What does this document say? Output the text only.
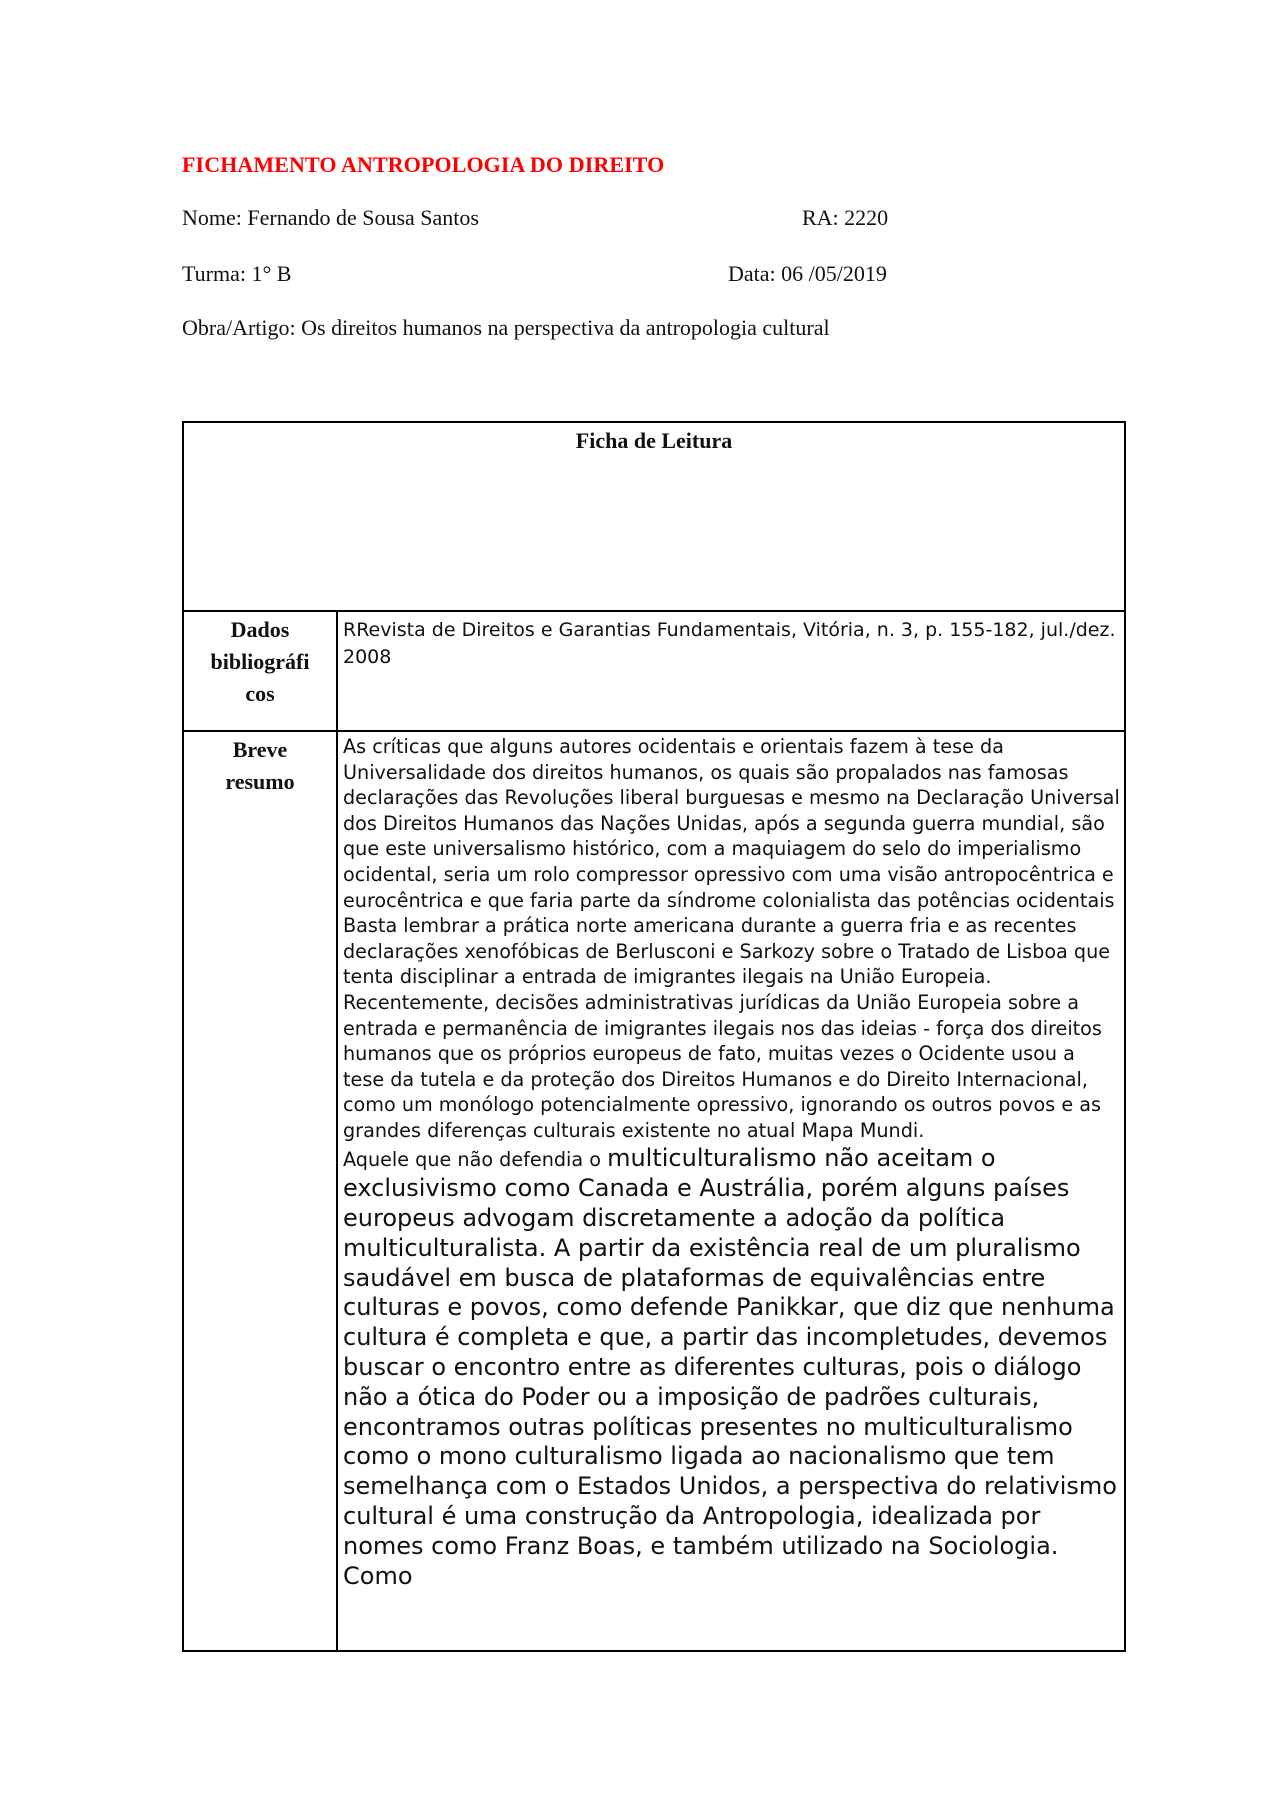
FICHAMENTO ANTROPOLOGIA DO DIREITO
Nome: Fernando de Sousa Santos	RA: 2220
Turma: 1° B	Data: 06 /05/2019
Obra/Artigo: Os direitos humanos na perspectiva da antropologia cultural
Ficha de Leitura
Dados
bibliográfi
cos
RRevista de Direitos e Garantias Fundamentais, Vitória, n. 3, p. 155-182, jul./dez. 2008
Breve
resumo

As críticas que alguns autores ocidentais e orientais fazem à tese da Universalidade dos direitos humanos, os quais são propalados nas famosas declarações das Revoluções liberal burguesas e mesmo na Declaração Universal dos Direitos Humanos das Nações Unidas, após a segunda guerra mundial, são que este universalismo histórico, com a maquiagem do selo do imperialismo ocidental, seria um rolo compressor opressivo com uma visão antropocêntrica e eurocêntrica e que faria parte da síndrome colonialista das potências ocidentais Basta lembrar a prática norte americana durante a guerra fria e as recentes declarações xenofóbicas de Berlusconi e Sarkozy sobre o Tratado de Lisboa que tenta disciplinar a entrada de imigrantes ilegais na União Europeia. Recentemente, decisões administrativas jurídicas da União Europeia sobre a entrada e permanência de imigrantes ilegais nos das ideias - força dos direitos humanos que os próprios europeus de fato, muitas vezes o Ocidente usou a tese da tutela e da proteção dos Direitos Humanos e do Direito Internacional, como um monólogo potencialmente opressivo, ignorando os outros povos e as grandes diferenças culturais existente no atual Mapa Mundi.

Aquele que não defendia o multiculturalismo não aceitam o exclusivismo como Canada e Austrália, porém alguns países europeus advogam discretamente a adoção da política multiculturalista. A partir da existência real de um pluralismo saudável em busca de plataformas de equivalências entre culturas e povos, como defende Panikkar, que diz que nenhuma cultura é completa e que, a partir das incompletudes, devemos buscar o encontro entre as diferentes culturas, pois o diálogo não a ótica do Poder ou a imposição de padrões culturais, encontramos outras políticas presentes no multiculturalismo como o mono culturalismo ligada ao nacionalismo que tem semelhança com o Estados Unidos, a perspectiva do relativismo cultural é uma construção da Antropologia, idealizada por nomes como Franz Boas, e também utilizado na Sociologia. Como
